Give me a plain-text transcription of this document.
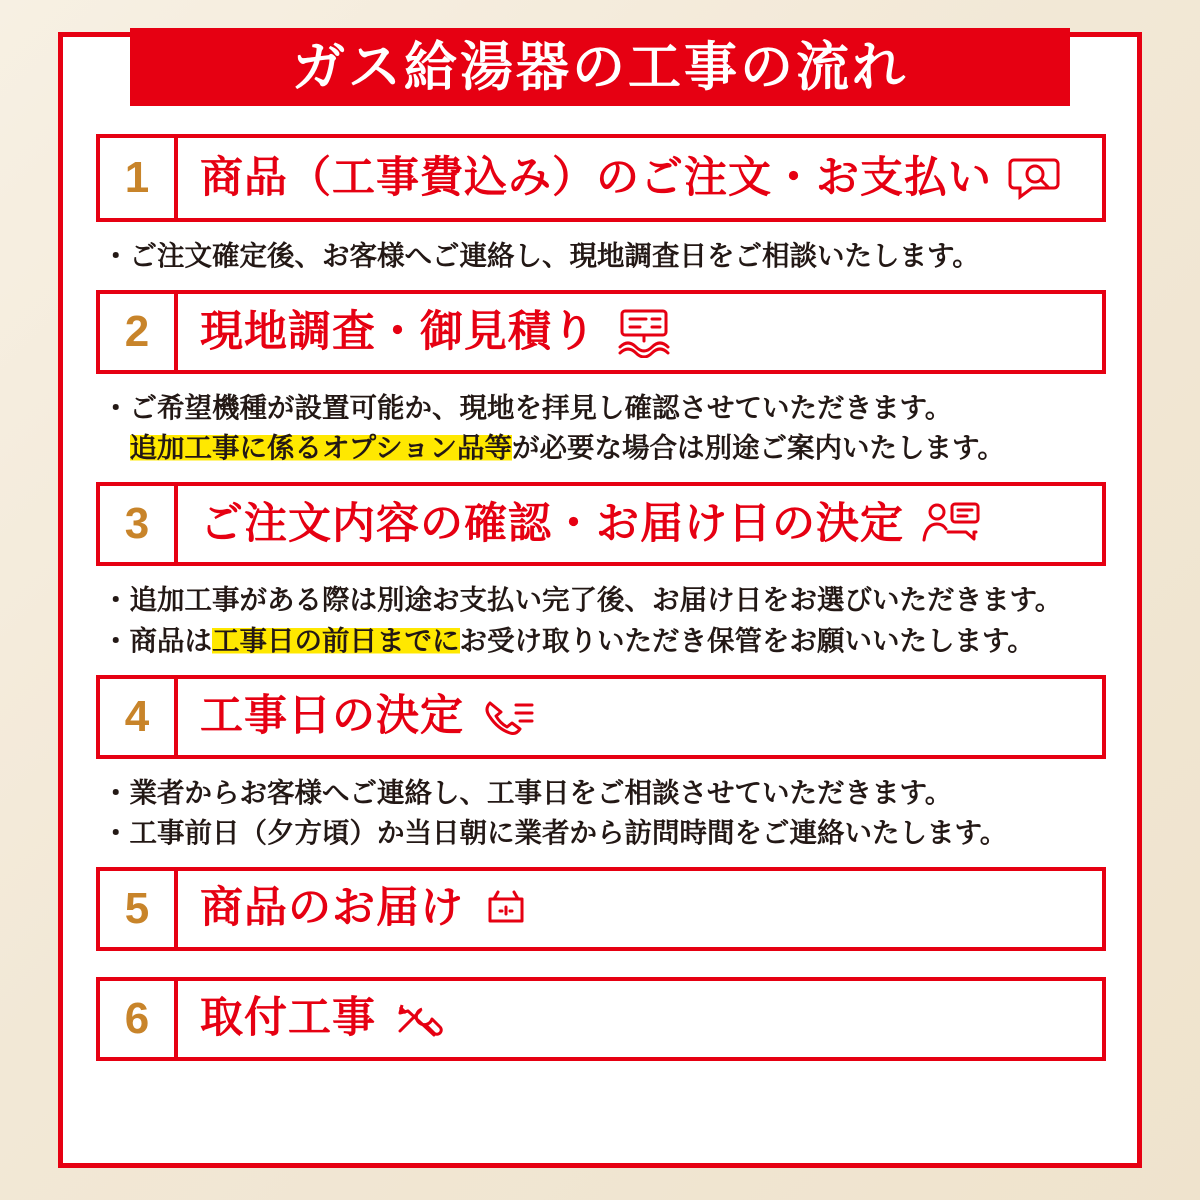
ガス給湯器の工事の流れ
1	商品（工事費込み）のご注文・お支払い
・ご注文確定後、お客様へご連絡し、現地調査日をご相談いたします。
2	現地調査・御見積り
・ご希望機種が設置可能か、現地を拝見し確認させていただきます。
　追加工事に係るオプション品等が必要な場合は別途ご案内いたします。
3	ご注文内容の確認・お届け日の決定
・追加工事がある際は別途お支払い完了後、お届け日をお選びいただきます。
・商品は工事日の前日までにお受け取りいただき保管をお願いいたします。
4	工事日の決定
・業者からお客様へご連絡し、工事日をご相談させていただきます。
・工事前日（夕方頃）か当日朝に業者から訪問時間をご連絡いたします。
5	商品のお届け
6	取付工事
